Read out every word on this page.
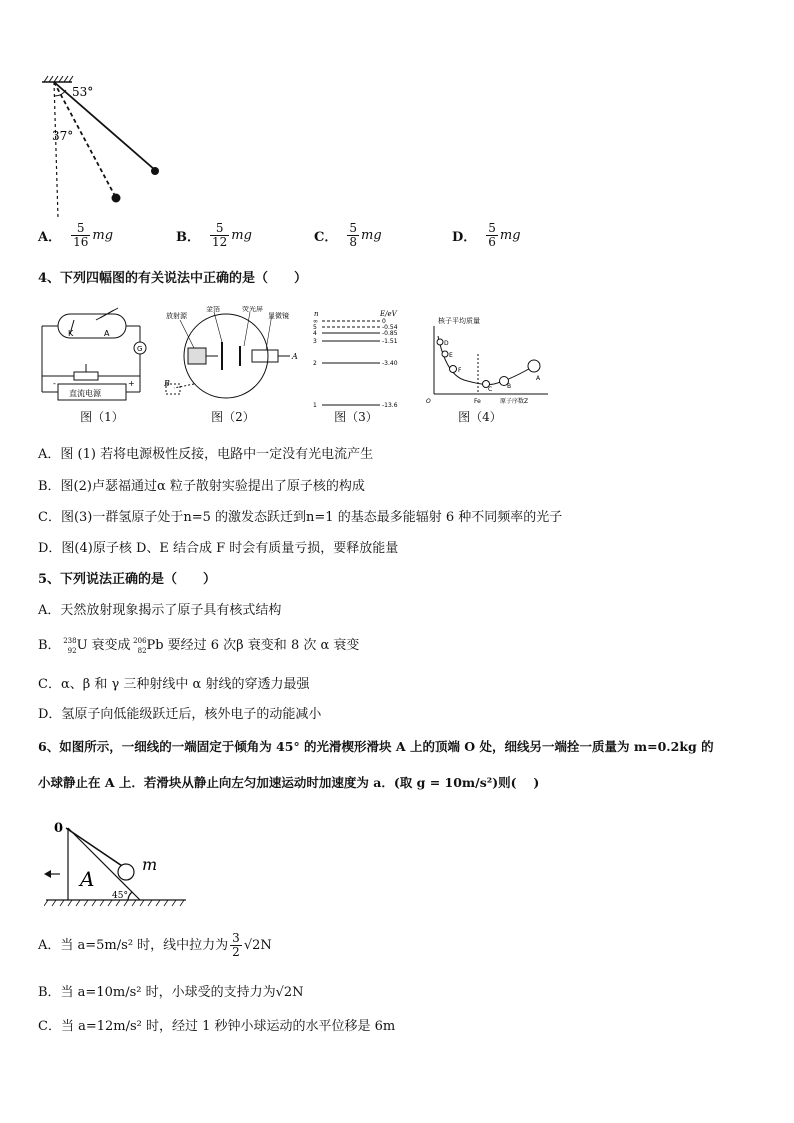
53°
37°
A． $\frac{5}{16}$ mg	B． $\frac{5}{12}$ mg	C． $\frac{5}{8}$ mg	D． $\frac{5}{6}$ mg
4、下列四幅图的有关说法中正确的是（　　）
K	A
G
-	+
直流电源
图（1）
放射源
金箔	荧光屏
显微镜
A
B
图（2）
n	E/eV
∞	0
5	-0.54
4	-0.85
3	-1.51
2	-3.40
1	-13.6
图（3）
核子平均质量
D
E
F
C B
A
O	Fe	原子序数Z
图（4）
A．图 (1) 若将电源极性反接，电路中一定没有光电流产生
B．图(2)卢瑟福通过α 粒子散射实验提出了原子核的构成
C．图(3)一群氢原子处于n=5 的激发态跃迁到n=1 的基态最多能辐射 6 种不同频率的光子
D．图(4)原子核 D、E 结合成 F 时会有质量亏损，要释放能量
5、下列说法正确的是（　　）
A．天然放射现象揭示了原子具有核式结构
B． 238
92 U 衰变成 206
82 Pb 要经过 6 次β 衰变和 8 次 α 衰变
C．α、β 和 γ 三种射线中 α 射线的穿透力最强
D．氢原子向低能级跃迁后，核外电子的动能减小
6、如图所示，一细线的一端固定于倾角为 45° 的光滑楔形滑块 A 上的顶端 O 处，细线另一端拴一质量为 m=0.2kg 的
小球静止在 A 上．若滑块从静止向左匀加速运动时加速度为 a．(取 g = 10m/s²)则(　 )
0
A
m
45°
A．当 a=5m/s² 时，线中拉力为 $\frac{3}{2} √2$ N
B．当 a=10m/s² 时，小球受的支持力为√2N
C．当 a=12m/s² 时，经过 1 秒钟小球运动的水平位移是 6m
